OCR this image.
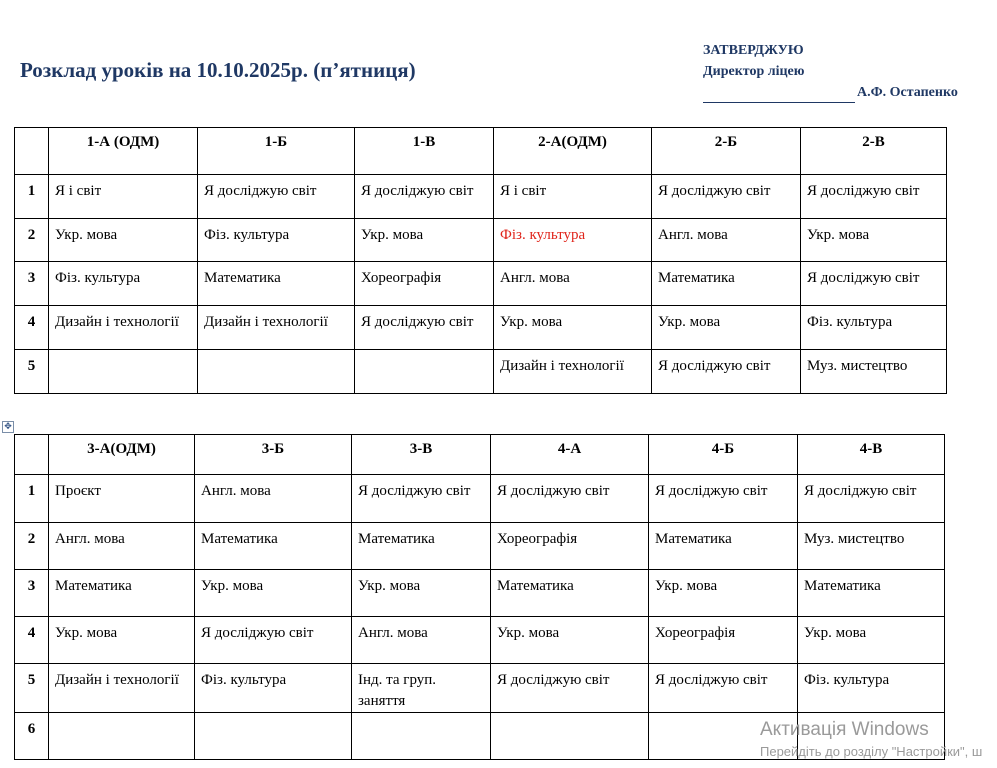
Розклад уроків на 10.10.2025р. (п’ятниця)
ЗАТВЕРДЖУЮ
Директор ліцею
А.Ф. Остапенко
	1-А (ОДМ)	1-Б	1-В	2-А(ОДМ)	2-Б	2-В
1	Я і світ	Я досліджую світ	Я досліджую світ	Я і світ	Я досліджую світ	Я досліджую світ
2	Укр. мова	Фіз. культура	Укр. мова	Фіз. культура	Англ. мова	Укр. мова
3	Фіз. культура	Математика	Хореографія	Англ. мова	Математика	Я досліджую світ
4	Дизайн і технології	Дизайн і технології	Я досліджую світ	Укр. мова	Укр. мова	Фіз. культура
5				Дизайн і технології	Я досліджую світ	Муз. мистецтво
✥
	3-А(ОДМ)	3-Б	3-В	4-А	4-Б	4-В
1	Проєкт	Англ. мова	Я досліджую світ	Я досліджую світ	Я досліджую світ	Я досліджую світ
2	Англ. мова	Математика	Математика	Хореографія	Математика	Муз. мистецтво
3	Математика	Укр. мова	Укр. мова	Математика	Укр. мова	Математика
4	Укр. мова	Я досліджую світ	Англ. мова	Укр. мова	Хореографія	Укр. мова
5	Дизайн і технології	Фіз. культура	Інд. та груп. заняття	Я досліджую світ	Я досліджую світ	Фіз. культура
6							Активація Windows
Перейдіть до розділу "Настройки", ш
